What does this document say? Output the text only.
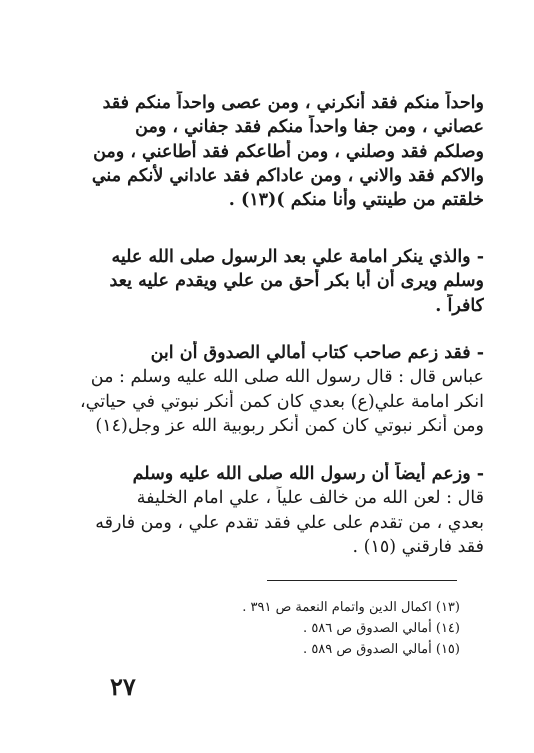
واحداً منكم فقد أنكرني ، ومن عصى واحداً منكم فقد
عصاني ، ومن جفا واحداً منكم فقد جفاني ، ومن
وصلكم فقد وصلني ، ومن أطاعكم فقد أطاعني ، ومن
والاكم فقد والاني ، ومن عاداكم فقد عاداني لأنكم مني
خلقتم من طينتي وأنا منكم )(١٣) .
- والذي ينكر امامة علي بعد الرسول صلى الله عليه
وسلم ويرى أن أبا بكر أحق من علي ويقدم عليه يعد
كافراً .
- فقد زعم صاحب كتاب أمالي الصدوق أن ابن
عباس قال : قال رسول الله صلى الله عليه وسلم : من
انكر امامة علي(ع) بعدي كان كمن أنكر نبوتي في حياتي،
ومن أنكر نبوتي كان كمن أنكر ربوبية الله عز وجل(١٤)
- وزعم أيضاً أن رسول الله صلى الله عليه وسلم
قال : لعن الله من خالف علياً ، علي امام الخليفة
بعدي ، من تقدم على علي فقد تقدم علي ، ومن فارقه
فقد فارقني (١٥) .
(١٣) اكمال الدين واتمام النعمة ص ٣٩١ .
(١٤) أمالي الصدوق ص ٥٨٦ .
(١٥) أمالي الصدوق ص ٥٨٩ .
٢٧
